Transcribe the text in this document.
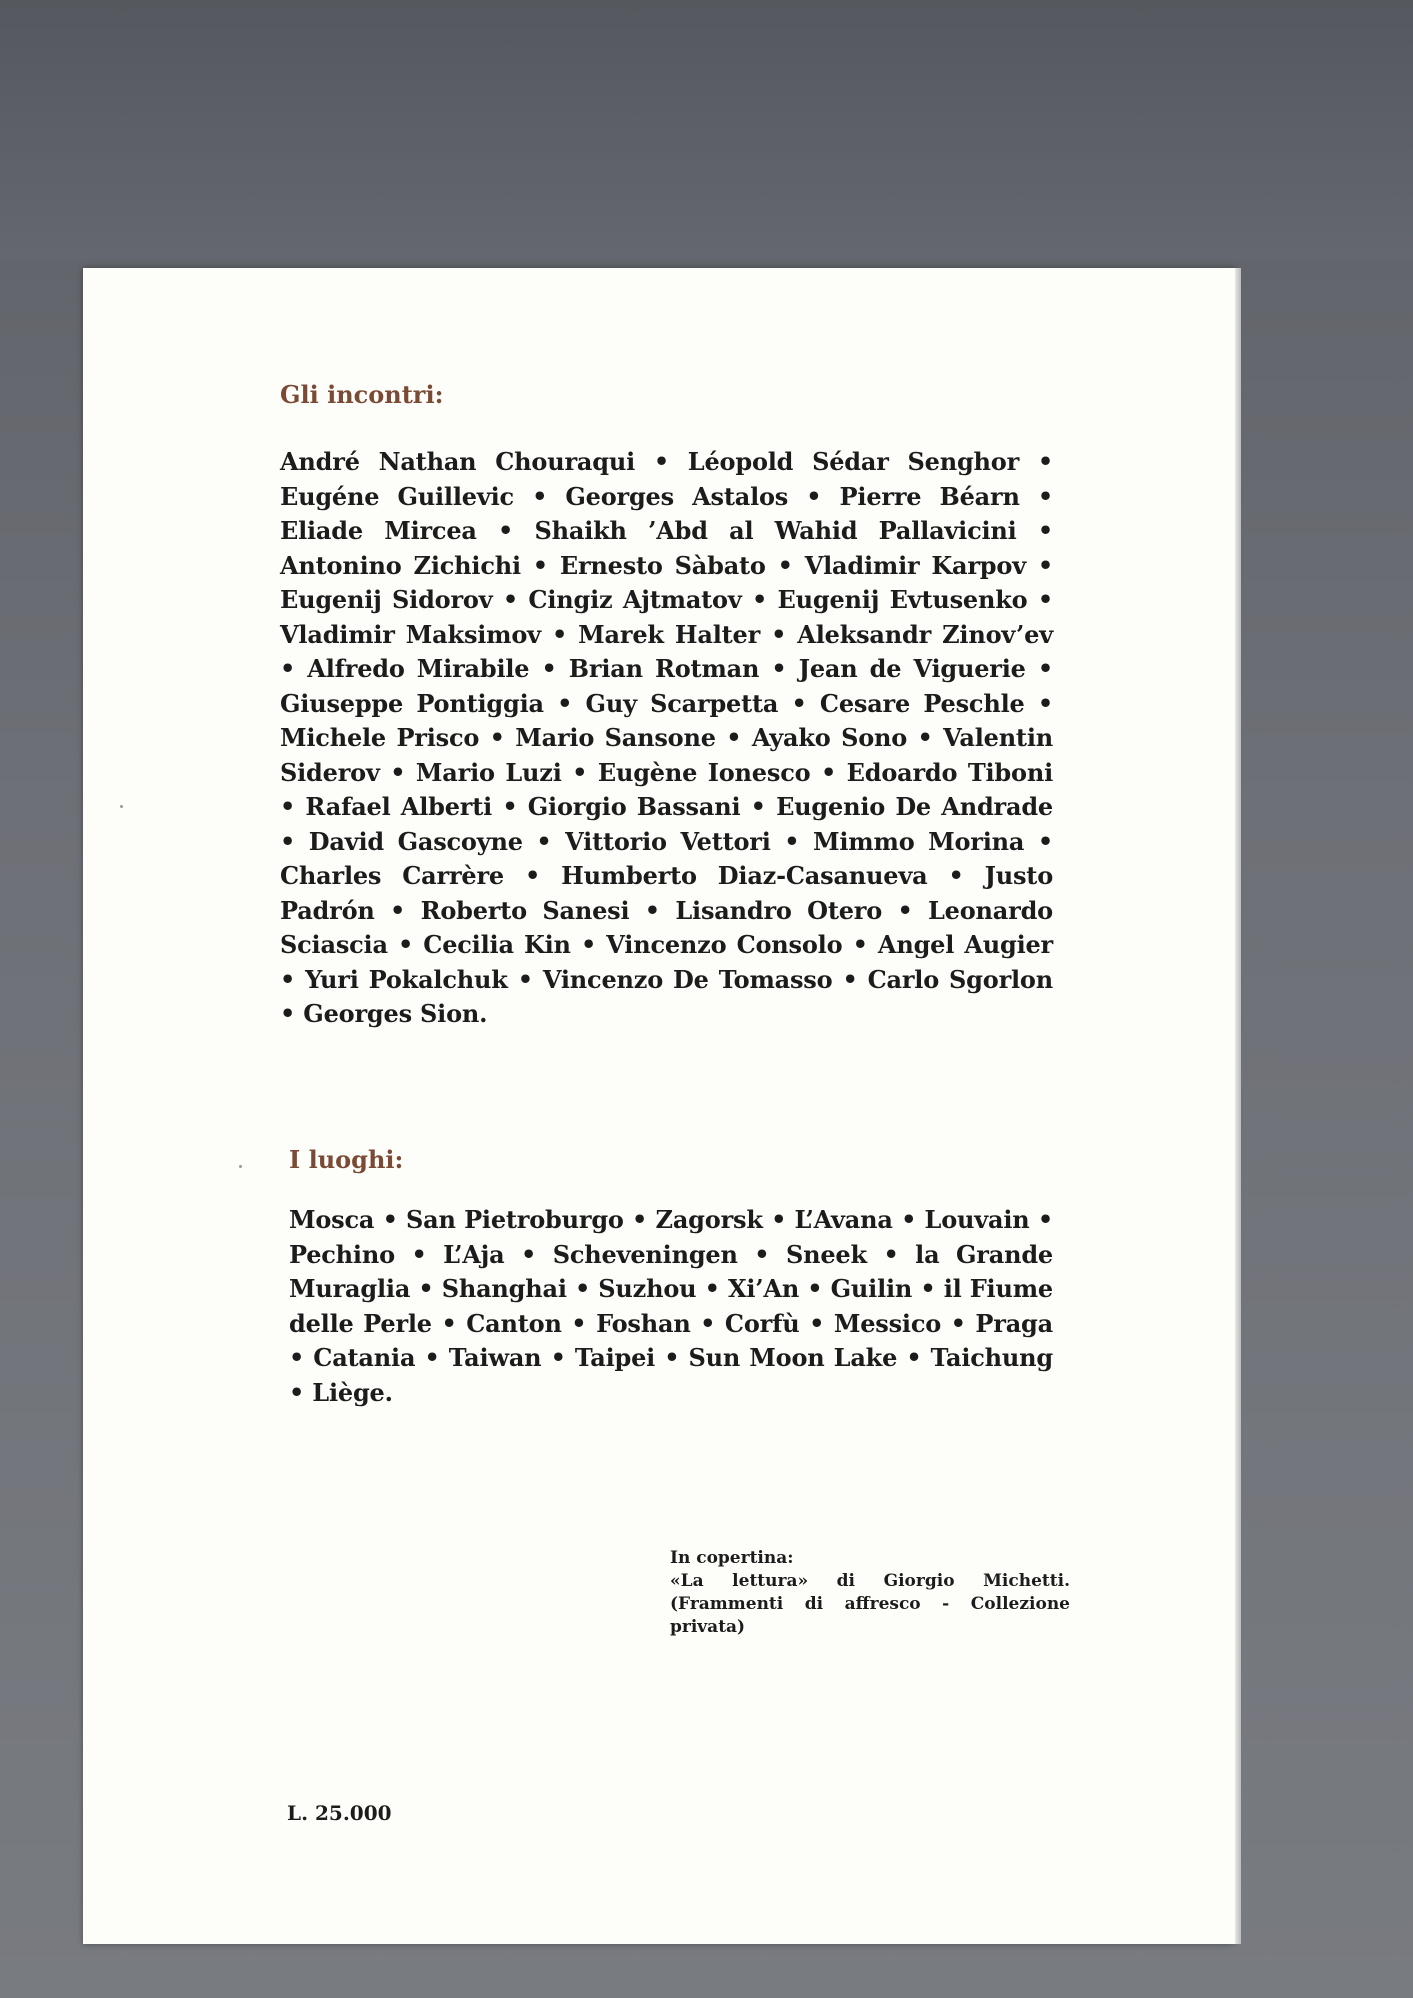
Gli incontri:

André Nathan Chouraqui • Léopold Sédar Senghor • Eugéne Guillevic • Georges Astalos • Pierre Béarn • Eliade Mircea • Shaikh ’Abd al Wahid Pallavicini • Antonino Zichichi • Ernesto Sàbato • Vladimir Karpov • Eugenij Sidorov • Cingiz Ajtmatov • Eugenij Evtusenko • Vladimir Maksimov • Marek Halter • Aleksandr Zinov’ev • Alfredo Mirabile • Brian Rotman • Jean de Viguerie • Giuseppe Pontiggia • Guy Scarpetta • Cesare Peschle • Michele Prisco • Mario Sansone • Ayako Sono • Valentin Siderov • Mario Luzi • Eugène Ionesco • Edoardo Tiboni • Rafael Alberti • Giorgio Bassani • Eugenio De Andrade • David Gascoyne • Vittorio Vettori • Mimmo Morina • Charles Carrère • Humberto Diaz-Casanueva • Justo Padrón • Roberto Sanesi • Lisandro Otero • Leonardo Sciascia • Cecilia Kin • Vincenzo Consolo • Angel Augier • Yuri Pokalchuk • Vincenzo De Tomasso • Carlo Sgorlon • Georges Sion.

I luoghi:

Mosca • San Pietroburgo • Zagorsk • L’Avana • Louvain • Pechino • L’Aja • Scheveningen • Sneek • la Grande Muraglia • Shanghai • Suzhou • Xi’An • Guilin • il Fiume delle Perle • Canton • Foshan • Corfù • Messico • Praga • Catania • Taiwan • Taipei • Sun Moon Lake • Taichung • Liège.

In copertina:

«La lettura» di Giorgio Michetti. (Frammenti di affresco - Collezione privata)

L. 25.000
